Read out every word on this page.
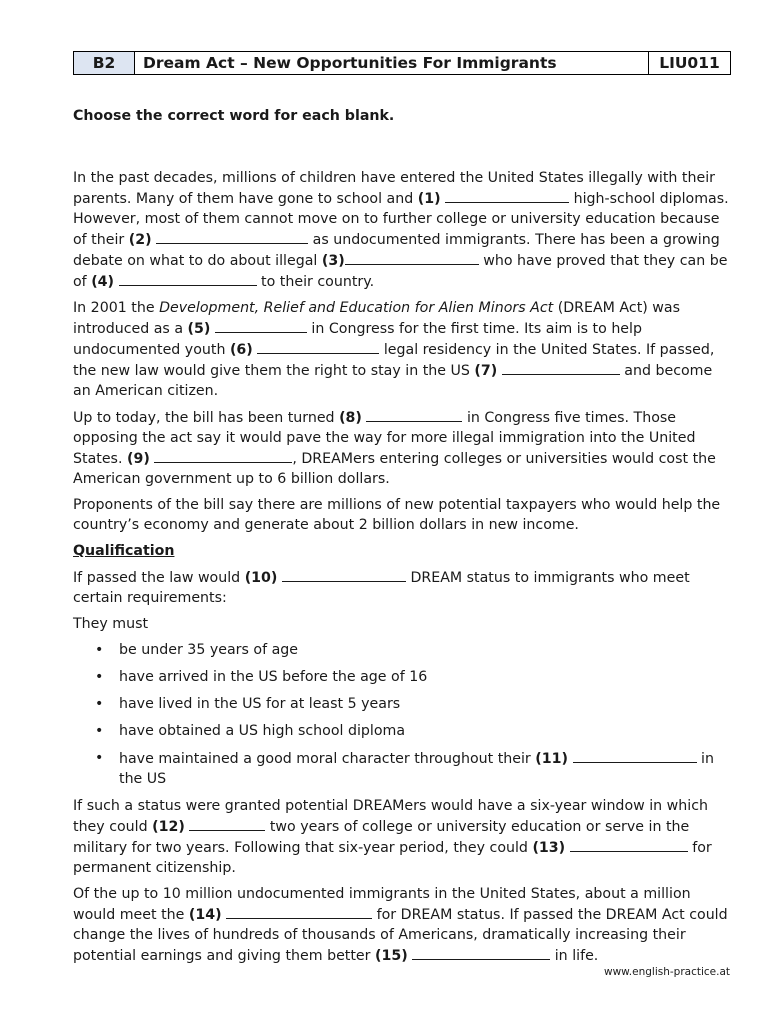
B2	Dream Act – New Opportunities For Immigrants	LIU011

Choose the correct word for each blank.

In the past decades, millions of children have entered the United States illegally with their parents. Many of them have gone to school and (1)	high-school diplomas. However, most of them cannot move on to further college or university education because of their (2)	as undocumented immigrants. There has been a growing debate on what to do about illegal (3)	who have proved that they can be of (4)	to their country.

In 2001 the Development, Relief and Education for Alien Minors Act (DREAM Act) was introduced as a (5)	in Congress for the first time. Its aim is to help undocumented youth (6)	legal residency in the United States. If passed, the new law would give them the right to stay in the US (7)	and become an American citizen.

Up to today, the bill has been turned (8)	in Congress five times. Those opposing the act say it would pave the way for more illegal immigration into the United States. (9)	, DREAMers entering colleges or universities would cost the American government up to 6 billion dollars.

Proponents of the bill say there are millions of new potential taxpayers who would help the country’s economy and generate about 2 billion dollars in new income.

Qualification

If passed the law would (10)	DREAM status to immigrants who meet certain requirements:

They must

• be under 35 years of age
• have arrived in the US before the age of 16
• have lived in the US for at least 5 years
• have obtained a US high school diploma
• have maintained a good moral character throughout their (11)	in the US

If such a status were granted potential DREAMers would have a six-year window in which they could (12)	two years of college or university education or serve in the military for two years. Following that six-year period, they could (13)	for permanent citizenship.

Of the up to 10 million undocumented immigrants in the United States, about a million would meet the (14)	for DREAM status. If passed the DREAM Act could change the lives of hundreds of thousands of Americans, dramatically increasing their potential earnings and giving them better (15)	in life.

www.english-practice.at
